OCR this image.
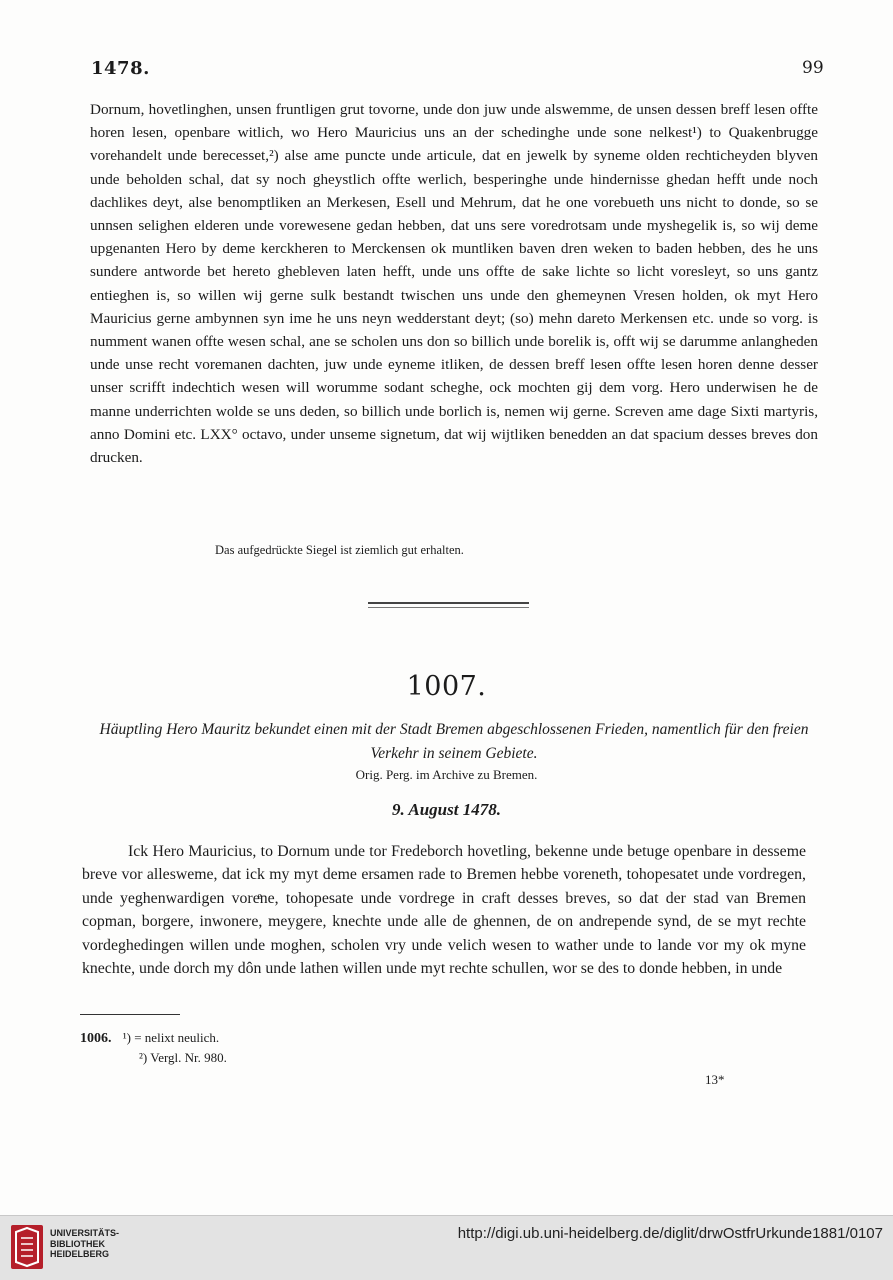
1478.	99

Dornum, hovetlinghen, unsen fruntligen grut tovorne, unde don juw unde alswemme, de unsen dessen breff lesen offte horen lesen, openbare witlich, wo Hero Mauricius uns an der schedinghe unde sone nelkest¹) to Quakenbrugge vorehandelt unde berecesset,²) alse ame puncte unde articule, dat en jewelk by syneme olden rechticheyden blyven unde beholden schal, dat sy noch gheystlich offte werlich, besperinghe unde hindernisse ghedan hefft unde noch dachlikes deyt, alse benomptliken an Merkesen, Esell und Mehrum, dat he one vorebueth uns nicht to donde, so se unnsen selighen elderen unde vorewesene gedan hebben, dat uns sere voredrotsam unde myshegelik is, so wij deme upgenanten Hero by deme kerckheren to Merckensen ok muntliken baven dren weken to baden hebben, des he uns sundere antworde bet hereto ghebleven laten hefft, unde uns offte de sake lichte so licht voresleyt, so uns gantz entieghen is, so willen wij gerne sulk bestandt twischen uns unde den ghemeynen Vresen holden, ok myt Hero Mauricius gerne ambynnen syn ime he uns neyn wedderstant deyt; (so) mehn dareto Merkensen etc. unde so vorg. is numment wanen offte wesen schal, ane se scholen uns don so billich unde borelik is, offt wij se darumme anlangheden unde unse recht voremanen dachten, juw unde eyneme itliken, de dessen breff lesen offte lesen horen denne desser unser scrifft indechtich wesen will worumme sodant scheghe, ock mochten gij dem vorg. Hero underwisen he de manne underrichten wolde se uns deden, so billich unde borlich is, nemen wij gerne. Screven ame dage Sixti martyris, anno Domini etc. LXX° octavo, under unseme signetum, dat wij wijtliken benedden an dat spacium desses breves don drucken.

Das aufgedrückte Siegel ist ziemlich gut erhalten.
1007.
Häuptling Hero Mauritz bekundet einen mit der Stadt Bremen abgeschlossenen Frieden, namentlich für den freien Verkehr in seinem Gebiete.
Orig. Perg. im Archive zu Bremen.
9. August 1478.

Ick Hero Mauricius, to Dornum unde tor Fredeborch hovetling, bekenne unde betuge openbare in desseme breve vor allesweme, dat ick my myt deme ersamen rade to Bremen hebbe voreneth, tohopesatet unde vordregen, unde yeghenwardigen voreͤne, tohopesate unde vordrege in craft desses breves, so dat der stad van Bremen copman, borgere, inwonere, meygere, knechte unde alle de ghennen, de on andrepende synd, de se myt rechte vordeghedingen willen unde moghen, scholen vry unde velich wesen to wather unde to lande vor my ok myne knechte, unde dorch my dôn unde lathen willen unde myt rechte schullen, wor se des to donde hebben, in unde

1006. ¹) = nelixt neulich.
²) Vergl. Nr. 980.
13*
UNIVERSITÄTS-
BIBLIOTHEK
HEIDELBERG
http://digi.ub.uni-heidelberg.de/diglit/drwOstfrUrkunde1881/0107
